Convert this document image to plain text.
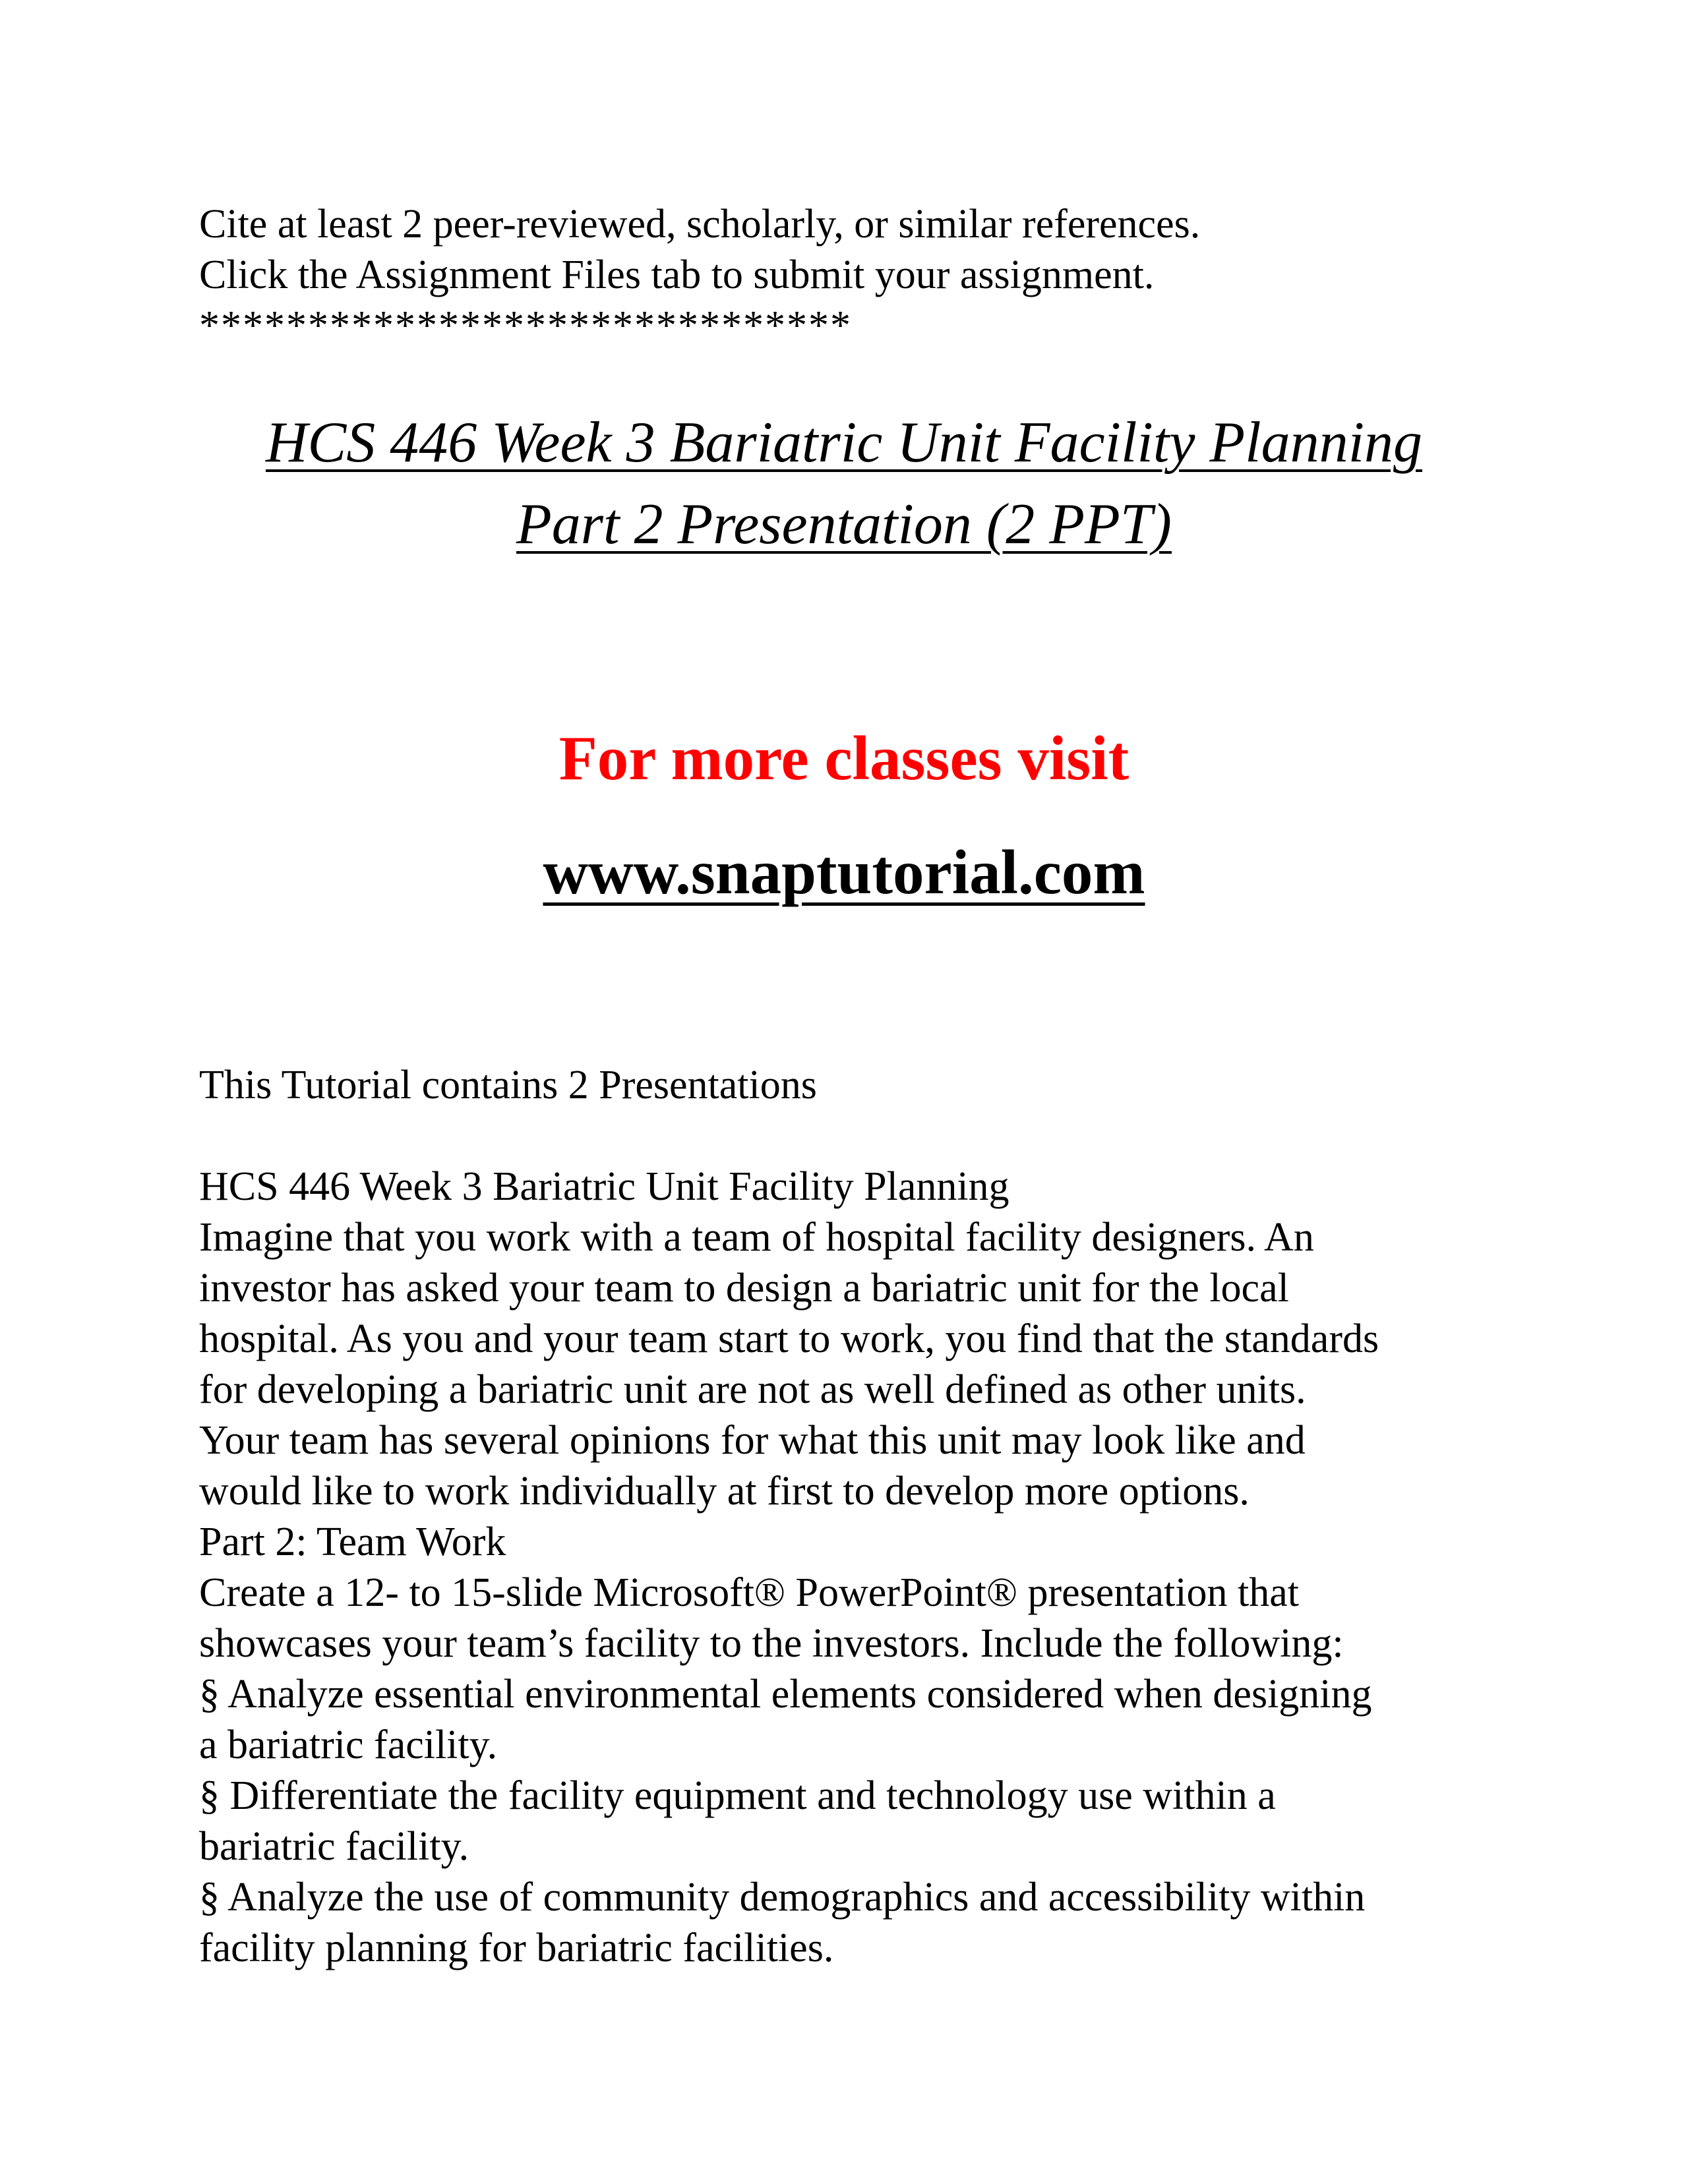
Cite at least 2 peer-reviewed, scholarly, or similar references.
Click the Assignment Files tab to submit your assignment.
******************************
HCS 446 Week 3 Bariatric Unit Facility Planning
Part 2 Presentation (2 PPT)
For more classes visit
www.snaptutorial.com
This Tutorial contains 2 Presentations
HCS 446 Week 3 Bariatric Unit Facility Planning
Imagine that you work with a team of hospital facility designers. An
investor has asked your team to design a bariatric unit for the local
hospital. As you and your team start to work, you find that the standards
for developing a bariatric unit are not as well defined as other units.
Your team has several opinions for what this unit may look like and
would like to work individually at first to develop more options.
Part 2: Team Work
Create a 12- to 15-slide Microsoft® PowerPoint® presentation that
showcases your team’s facility to the investors. Include the following:
§ Analyze essential environmental elements considered when designing
a bariatric facility.
§ Differentiate the facility equipment and technology use within a
bariatric facility.
§ Analyze the use of community demographics and accessibility within
facility planning for bariatric facilities.
